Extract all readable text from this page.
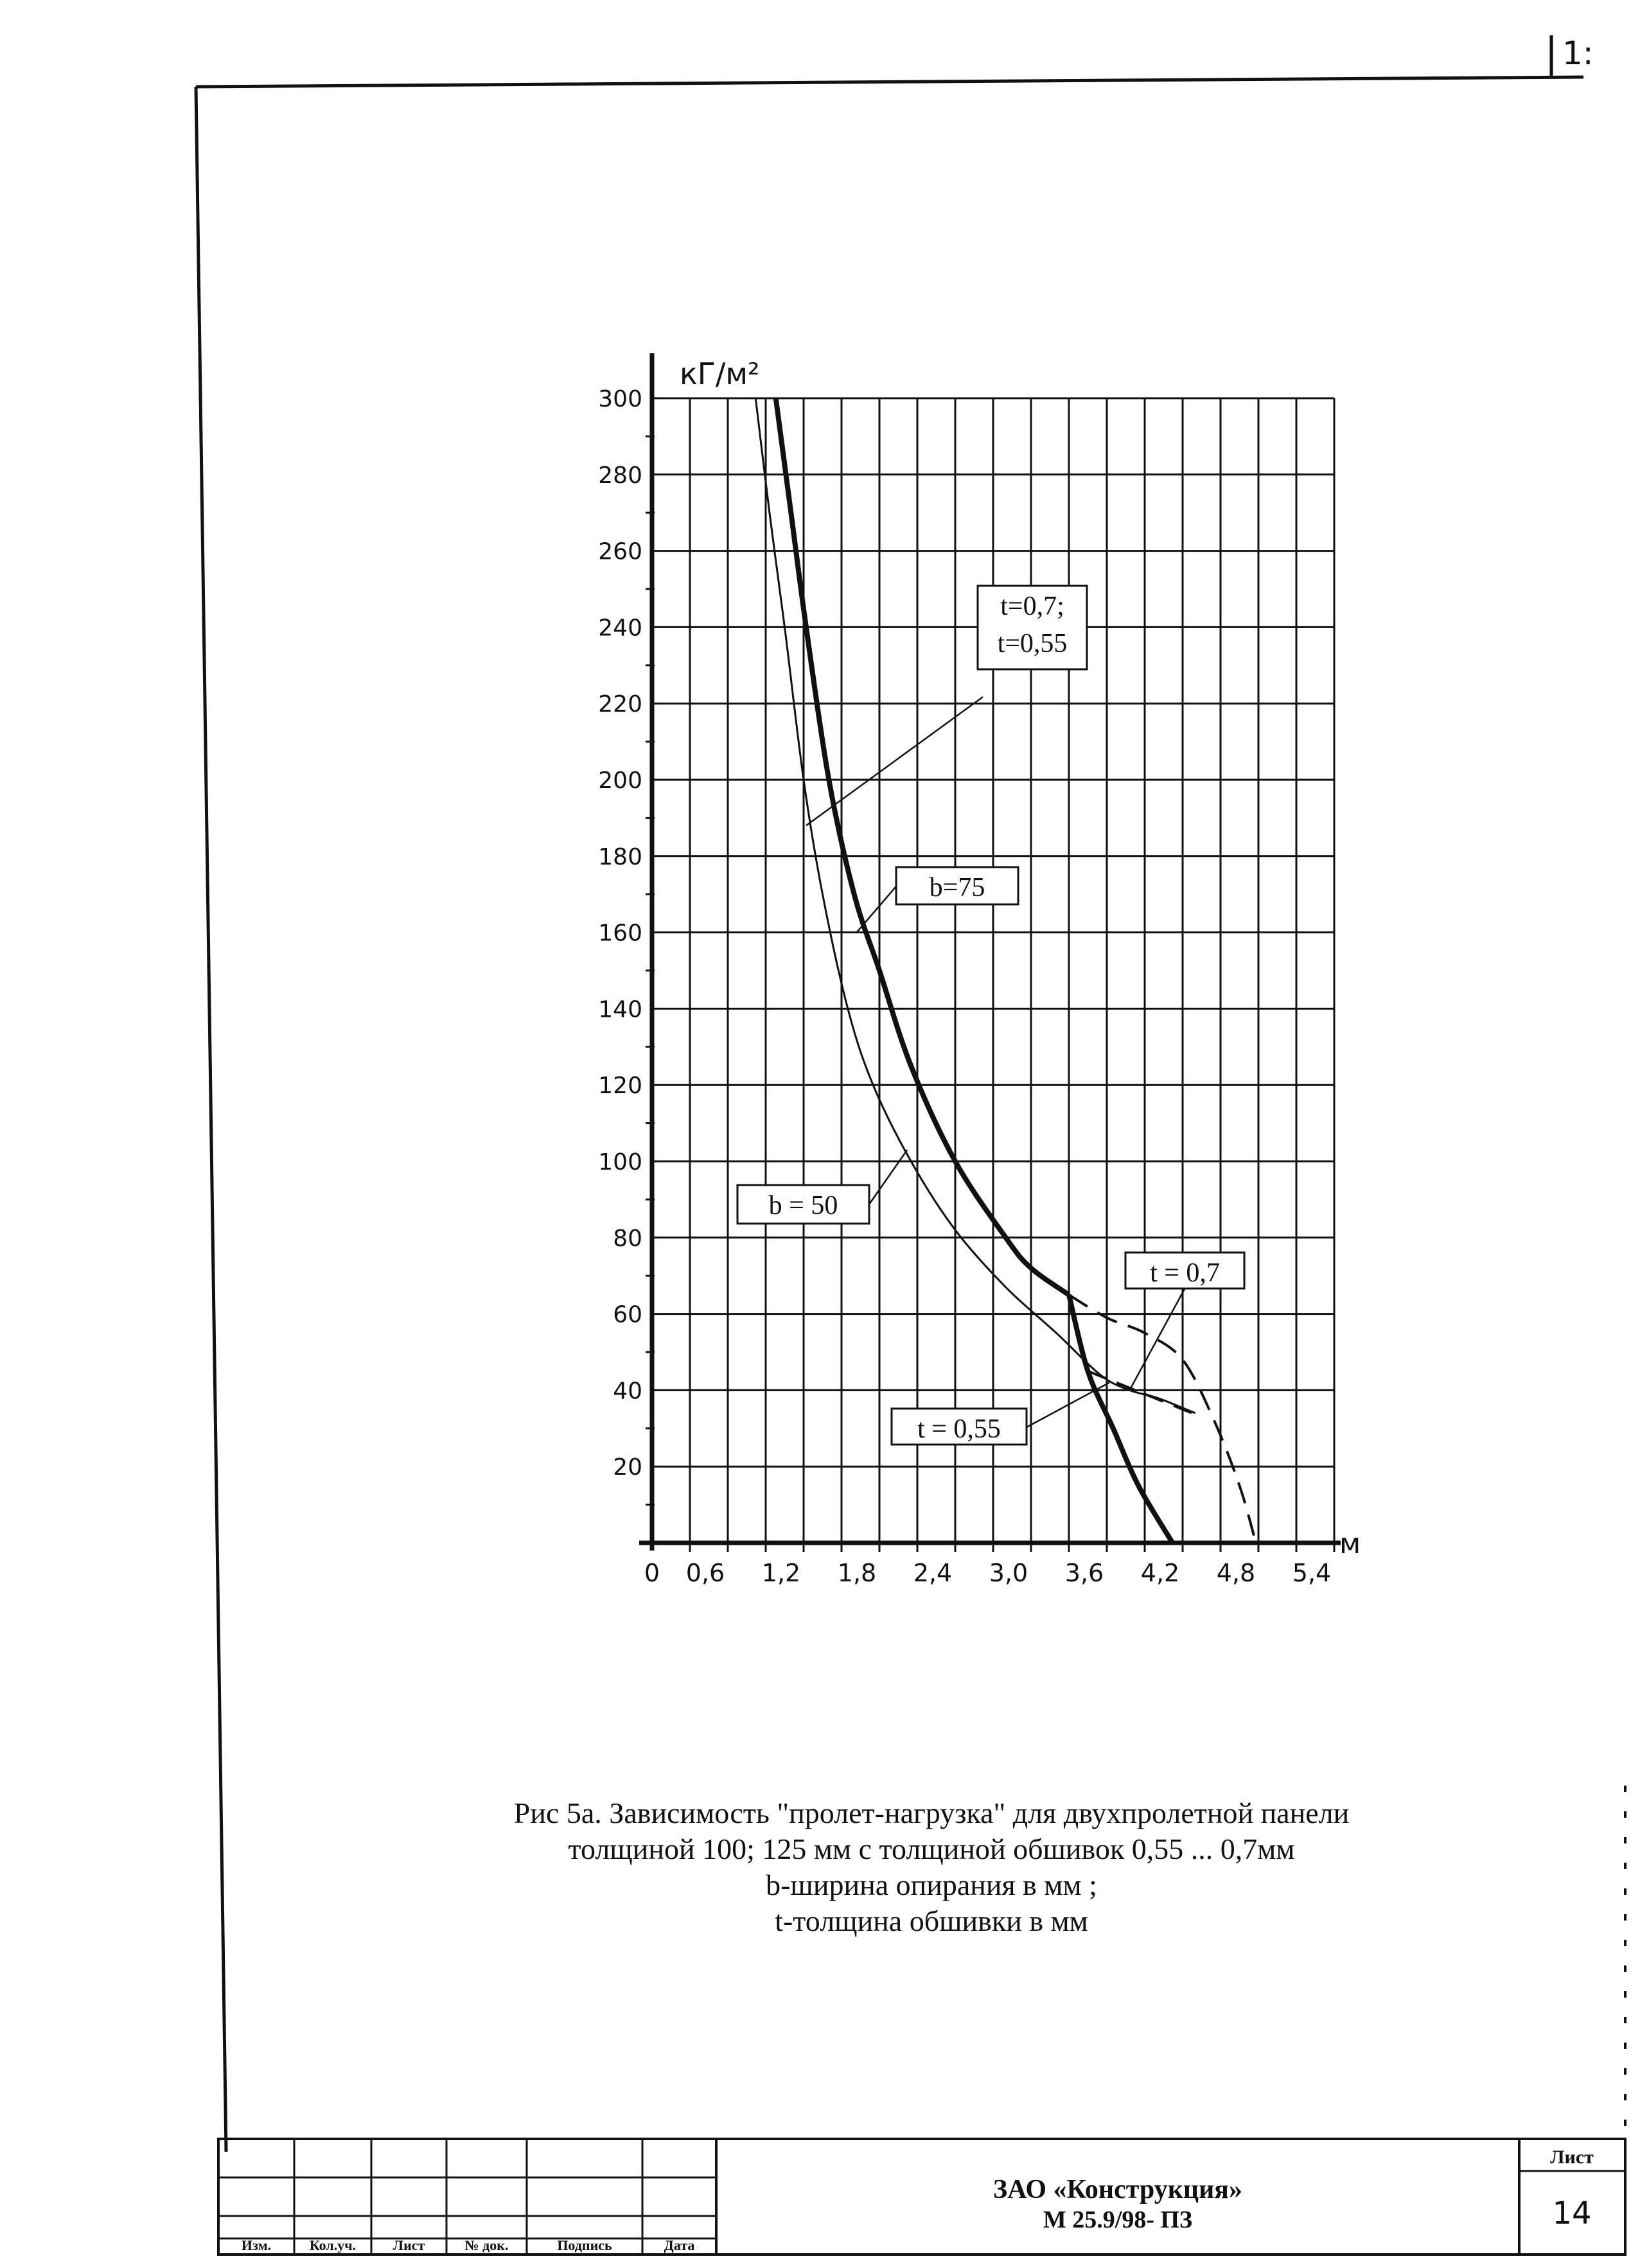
1:
0 0,6 1,2 1,8 2,4 3,0 3,6 4,2 4,8 5,4
20
40
60
80
100
120
140
160
180
200
220
240
260
280
300
t=0,7;
t=0,55
b=75
b = 50
t = 0,7
t = 0,55
кГ/м²
м
Изм.	Кол.уч.	Лист	№ док.	Подпись	Дата
ЗАО «Конструкция»
М 25.9/98- ПЗ
Лист
14
Рис 5а. Зависимость "пролет-нагрузка" для двухпролетной панели
толщиной 100; 125 мм с толщиной обшивок 0,55 ... 0,7мм
b-ширина опирания в мм ;
t-толщина обшивки в мм
